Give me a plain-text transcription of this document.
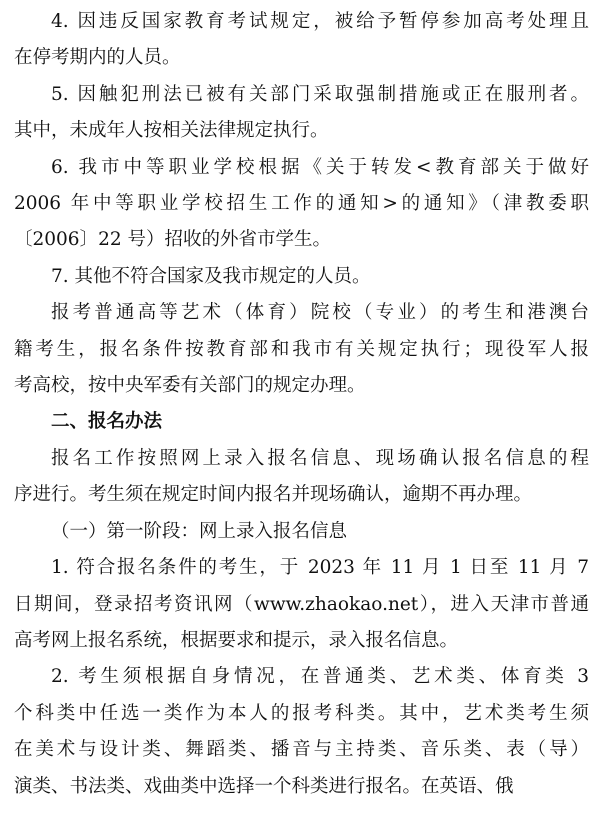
4. 因违反国家教育考试规定，被给予暂停参加高考处理且
在停考期内的人员。
5. 因触犯刑法已被有关部门采取强制措施或正在服刑者。
其中，未成年人按相关法律规定执行。
6. 我市中等职业学校根据《关于转发<教育部关于做好
2006 年中等职业学校招生工作的通知>的通知》（津教委职
〔2006〕22 号）招收的外省市学生。
7. 其他不符合国家及我市规定的人员。
报考普通高等艺术（体育）院校（专业）的考生和港澳台
籍考生，报名条件按教育部和我市有关规定执行；现役军人报
考高校，按中央军委有关部门的规定办理。
二、报名办法
报名工作按照网上录入报名信息、现场确认报名信息的程
序进行。考生须在规定时间内报名并现场确认，逾期不再办理。
（一）第一阶段：网上录入报名信息
1. 符合报名条件的考生，于 2023 年 11 月 1 日至 11 月 7
日期间，登录招考资讯网（www.zhaokao.net），进入天津市普通
高考网上报名系统，根据要求和提示，录入报名信息。
2. 考生须根据自身情况，在普通类、艺术类、体育类 3
个科类中任选一类作为本人的报考科类。其中，艺术类考生须
在美术与设计类、舞蹈类、播音与主持类、音乐类、表（导）
演类、书法类、戏曲类中选择一个科类进行报名。在英语、俄
